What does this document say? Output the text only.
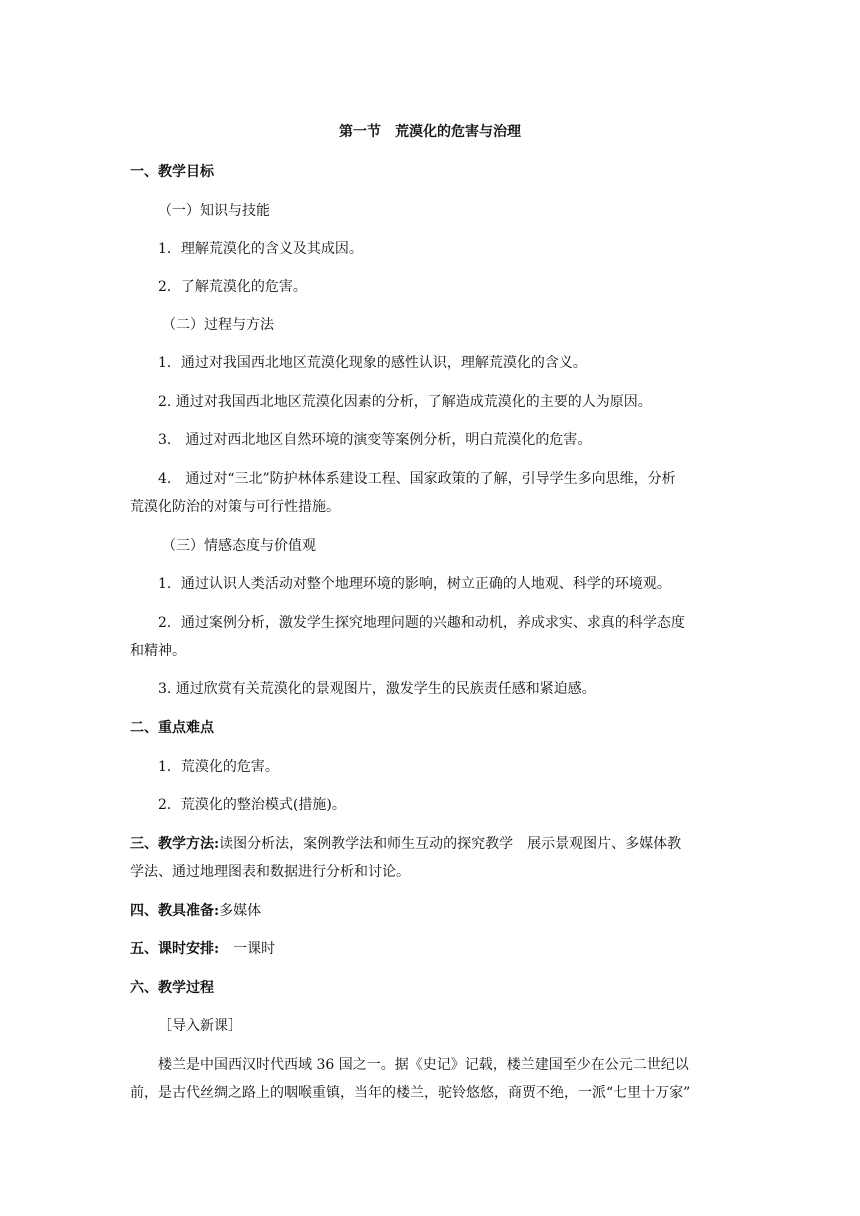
第一节　荒漠化的危害与治理
一、教学目标
（一）知识与技能
1．理解荒漠化的含义及其成因。
2．了解荒漠化的危害。
（二）过程与方法
1．通过对我国西北地区荒漠化现象的感性认识，理解荒漠化的含义。
2. 通过对我国西北地区荒漠化因素的分析，了解造成荒漠化的主要的人为原因。
3.　通过对西北地区自然环境的演变等案例分析，明白荒漠化的危害。
4.　通过对“三北”防护林体系建设工程、国家政策的了解，引导学生多向思维，分析
荒漠化防治的对策与可行性措施。
（三）情感态度与价值观
1．通过认识人类活动对整个地理环境的影响，树立正确的人地观、科学的环境观。
2．通过案例分析，激发学生探究地理问题的兴趣和动机，养成求实、求真的科学态度
和精神。
3. 通过欣赏有关荒漠化的景观图片，激发学生的民族责任感和紧迫感。
二、重点难点
1．荒漠化的危害。
2．荒漠化的整治模式(措施)。
三、教学方法:读图分析法，案例教学法和师生互动的探究教学　展示景观图片、多媒体教
学法、通过地理图表和数据进行分析和讨论。
四、教具准备:多媒体
五、课时安排:　一课时
六、教学过程
［导入新课］
楼兰是中国西汉时代西域 36 国之一。据《史记》记载，楼兰建国至少在公元二世纪以
前，是古代丝绸之路上的咽喉重镇，当年的楼兰，驼铃悠悠，商贾不绝，一派“七里十万家”
